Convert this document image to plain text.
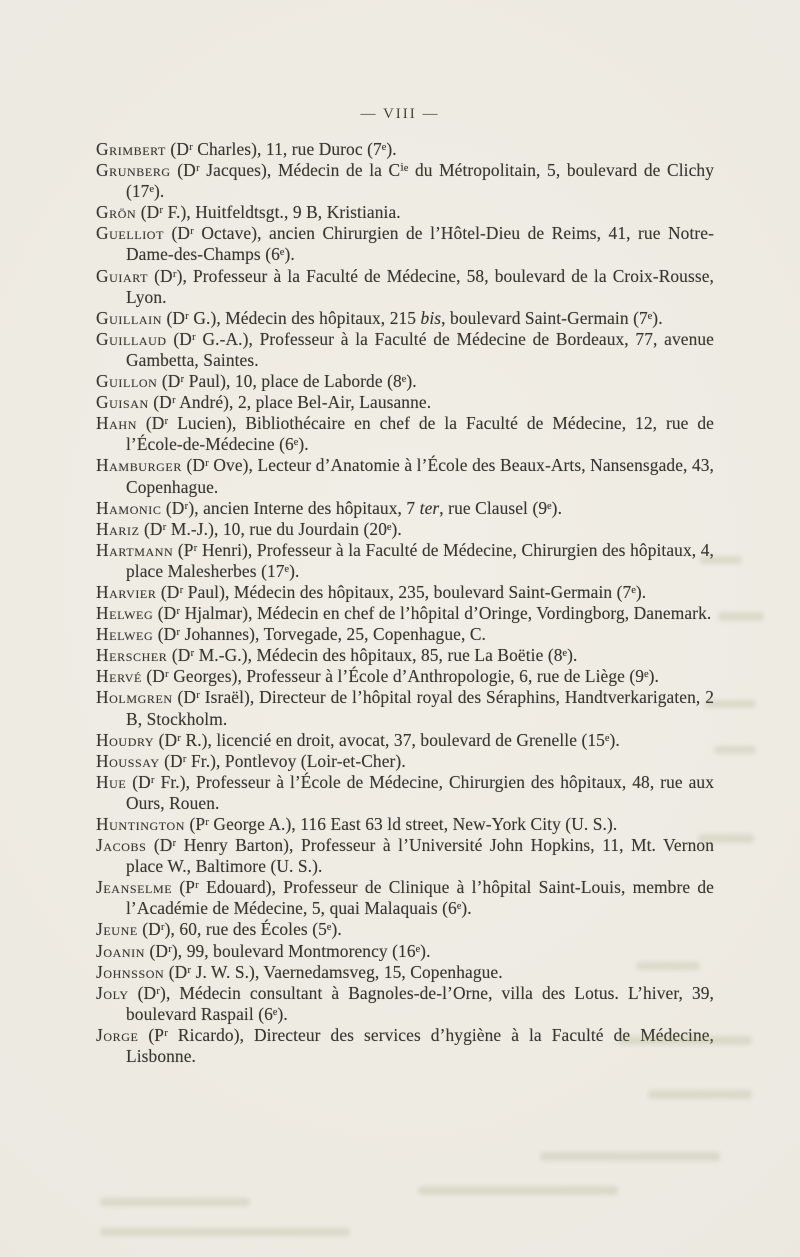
— VIII —
Grimbert (Dʳ Charles), 11, rue Duroc (7ᵉ).
Grunberg (Dʳ Jacques), Médecin de la Cⁱᵉ du Métropolitain, 5, boulevard de Clichy (17ᵉ).
Grön (Dʳ F.), Huitfeldtsgt., 9 B, Kristiania.
Guelliot (Dʳ Octave), ancien Chirurgien de l’Hôtel-Dieu de Reims, 41, rue Notre-Dame-des-Champs (6ᵉ).
Guiart (Dʳ), Professeur à la Faculté de Médecine, 58, boulevard de la Croix-Rousse, Lyon.
Guillain (Dʳ G.), Médecin des hôpitaux, 215 bis, boulevard Saint-Germain (7ᵉ).
Guillaud (Dʳ G.-A.), Professeur à la Faculté de Médecine de Bordeaux, 77, avenue Gambetta, Saintes.
Guillon (Dʳ Paul), 10, place de Laborde (8ᵉ).
Guisan (Dʳ André), 2, place Bel-Air, Lausanne.
Hahn (Dʳ Lucien), Bibliothécaire en chef de la Faculté de Médecine, 12, rue de l’École-de-Médecine (6ᵉ).
Hamburger (Dʳ Ove), Lecteur d’Anatomie à l’École des Beaux-Arts, Nansensgade, 43, Copenhague.
Hamonic (Dʳ), ancien Interne des hôpitaux, 7 ter, rue Clausel (9ᵉ).
Hariz (Dʳ M.-J.), 10, rue du Jourdain (20ᵉ).
Hartmann (Pʳ Henri), Professeur à la Faculté de Médecine, Chirurgien des hôpitaux, 4, place Malesherbes (17ᵉ).
Harvier (Dʳ Paul), Médecin des hôpitaux, 235, boulevard Saint-Germain (7ᵉ).
Helweg (Dʳ Hjalmar), Médecin en chef de l’hôpital d’Oringe, Vordingborg, Danemark.
Helweg (Dʳ Johannes), Torvegade, 25, Copenhague, C.
Herscher (Dʳ M.-G.), Médecin des hôpitaux, 85, rue La Boëtie (8ᵉ).
Hervé (Dʳ Georges), Professeur à l’École d’Anthropologie, 6, rue de Liège (9ᵉ).
Holmgren (Dʳ Israël), Directeur de l’hôpital royal des Séraphins, Handtverkarigaten, 2 B, Stockholm.
Houdry (Dʳ R.), licencié en droit, avocat, 37, boulevard de Grenelle (15ᵉ).
Houssay (Dʳ Fr.), Pontlevoy (Loir-et-Cher).
Hue (Dʳ Fr.), Professeur à l’École de Médecine, Chirurgien des hôpitaux, 48, rue aux Ours, Rouen.
Huntington (Pʳ George A.), 116 East 63 ld street, New-York City (U. S.).
Jacobs (Dʳ Henry Barton), Professeur à l’Université John Hopkins, 11, Mt. Vernon place W., Baltimore (U. S.).
Jeanselme (Pʳ Edouard), Professeur de Clinique à l’hôpital Saint-Louis, membre de l’Académie de Médecine, 5, quai Malaquais (6ᵉ).
Jeune (Dʳ), 60, rue des Écoles (5ᵉ).
Joanin (Dʳ), 99, boulevard Montmorency (16ᵉ).
Johnsson (Dʳ J. W. S.), Vaernedamsveg, 15, Copenhague.
Joly (Dʳ), Médecin consultant à Bagnoles-de-l’Orne, villa des Lotus. L’hiver, 39, boulevard Raspail (6ᵉ).
Jorge (Pʳ Ricardo), Directeur des services d’hygiène à la Faculté de Médecine, Lisbonne.
